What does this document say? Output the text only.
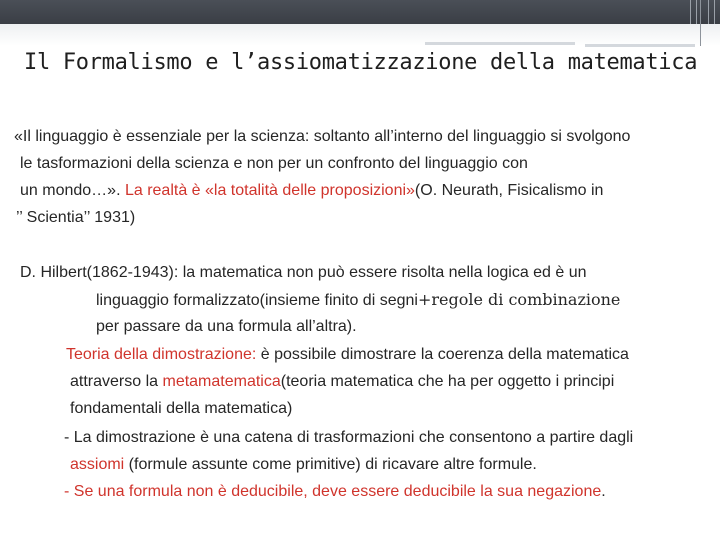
Il Formalismo e l’assiomatizzazione della matematica
«Il linguaggio è essenziale per la scienza: soltanto all’interno del linguaggio si svolgono
le tasformazioni della scienza e non per un confronto del linguaggio con
un mondo…». La realtà è «la totalità delle proposizioni»(O. Neurath, Fisicalismo in
’’ Scientia’’ 1931)
D. Hilbert(1862-1943): la matematica non può essere risolta nella logica ed è un
linguaggio formalizzato(insieme finito di segni+regole di combinazione
per passare da una formula all’altra).
Teoria della dimostrazione: è possibile dimostrare la coerenza della matematica
attraverso la metamatematica(teoria matematica che ha per oggetto i principi
fondamentali della matematica)
- La dimostrazione è una catena di trasformazioni che consentono a partire dagli
assiomi (formule assunte come primitive) di ricavare altre formule.
- Se una formula non è deducibile, deve essere deducibile la sua negazione.
